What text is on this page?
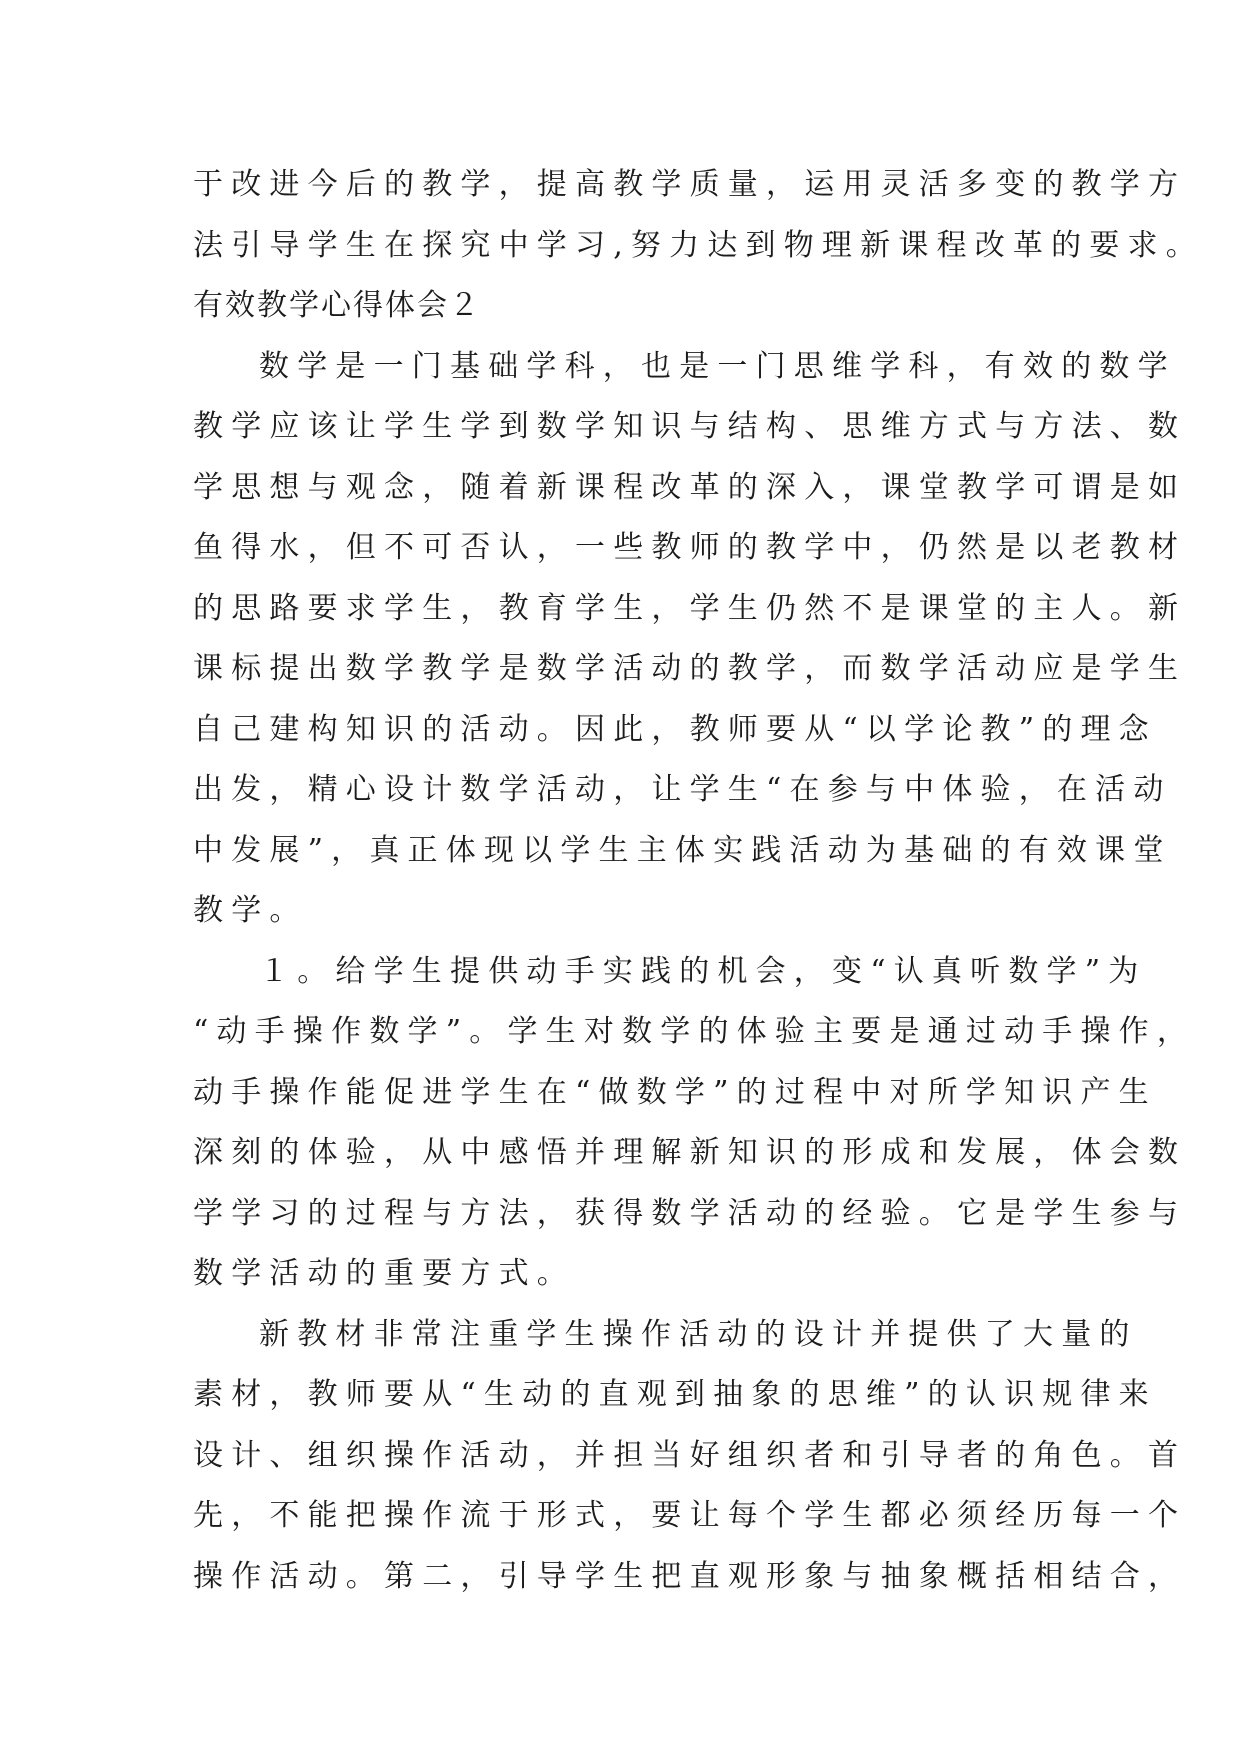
于改进今后的教学，提高教学质量，运用灵活多变的教学方
法引导学生在探究中学习,努力达到物理新课程改革的要求。
有效教学心得体会２
数学是一门基础学科，也是一门思维学科，有效的数学
教学应该让学生学到数学知识与结构、思维方式与方法、数
学思想与观念，随着新课程改革的深入，课堂教学可谓是如
鱼得水，但不可否认，一些教师的教学中，仍然是以老教材
的思路要求学生，教育学生，学生仍然不是课堂的主人。新
课标提出数学教学是数学活动的教学，而数学活动应是学生
自己建构知识的活动。因此，教师要从“以学论教”的理念
出发，精心设计数学活动，让学生“在参与中体验，在活动
中发展”，真正体现以学生主体实践活动为基础的有效课堂
教学。
１。给学生提供动手实践的机会，变“认真听数学”为
“动手操作数学”。学生对数学的体验主要是通过动手操作，
动手操作能促进学生在“做数学”的过程中对所学知识产生
深刻的体验，从中感悟并理解新知识的形成和发展，体会数
学学习的过程与方法，获得数学活动的经验。它是学生参与
数学活动的重要方式。
新教材非常注重学生操作活动的设计并提供了大量的
素材，教师要从“生动的直观到抽象的思维”的认识规律来
设计、组织操作活动，并担当好组织者和引导者的角色。首
先，不能把操作流于形式，要让每个学生都必须经历每一个
操作活动。第二，引导学生把直观形象与抽象概括相结合，
